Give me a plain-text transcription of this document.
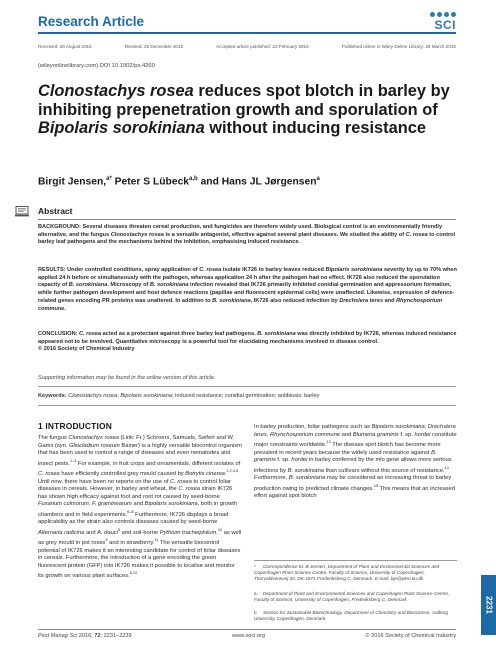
Research Article	SCI
Received: 28 August 2015	Revised: 25 December 2015	Accepted article published: 23 February 2016	Published online in Wiley Online Library: 29 March 2016
(wileyonlinelibrary.com) DOI 10.1002/ps.4260
Clonostachys rosea reduces spot blotch in barley by inhibiting prepenetration growth and sporulation of Bipolaris sorokiniana without inducing resistance
Birgit Jensen,$^{a*}$ Peter S Lübeck$^{a,b}$ and Hans JL Jørgensen$^a$
Abstract

BACKGROUND: Several diseases threaten cereal production, and fungicides are therefore widely used. Biological control is an environmentally friendly alternative, and the fungus Clonostachys rosea is a versatile antagonist, effective against several plant diseases. We studied the ability of C. rosea to control barley leaf pathogens and the mechanisms behind the inhibition, emphasising induced resistance.

RESULTS: Under controlled conditions, spray application of C. rosea isolate IK726 to barley leaves reduced Bipolaris sorokiniana severity by up to 70% when applied 24 h before or simultaneously with the pathogen, whereas application 24 h after the pathogen had no effect. IK726 also reduced the sporulation capacity of B. sorokiniana. Microscopy of B. sorokiniana infection revealed that IK726 primarily inhibited conidial germination and appressorium formation, while further pathogen development and host defence reactions (papillae and fluorescent epidermal cells) were unaffected. Likewise, expression of defence-related genes encoding PR proteins was unaltered. In addition to B. sorokiniana, IK726 also reduced infection by Drechslera teres and Rhynchosporium commune.

CONCLUSION: C. rosea acted as a protectant against three barley leaf pathogens. B. sorokiniana was directly inhibited by IK726, whereas induced resistance appeared not to be involved. Quantitative microscopy is a powerful tool for elucidating mechanisms involved in disease control.
© 2016 Society of Chemical Industry

Supporting information may be found in the online version of this article.
Keywords: Clonostachys rosea; Bipolaris sorokiniana; induced resistance; conidial germination; antibiosis; barley
1 INTRODUCTION

The fungus Clonostachys rosea (Link: Fr.) Schroers, Samuels, Seifert and W. Gams (syn. Gliocladium roseum Bainer) is a highly versatile biocontrol organism that has been used to control a range of diseases and even nematodes and insect pests.$^{1-3}$ For example, in fruit crops and ornamentals, different isolates of C. rosea have efficiently controlled grey mould caused by Botrytis cinerea.$^{1,2,4,5}$ Until now, there have been no reports on the use of C. rosea to control foliar diseases in cereals. However, in barley and wheat, the C. rosea strain IK726 has shown high efficacy against foot and root rot caused by seed-borne Fusarium culmorum, F. graminearum and Bipolaris sorokiniana, both in growth chambers and in field experiments.$^{6-8}$ Furthermore, IK726 displays a broad applicability as the strain also controls diseases caused by seed-borne Alternaria radicina and A. dauci$^9$ and soil-borne Pythium tracheiphilum,$^{10}$ as well as grey mould in pot roses$^5$ and in strawberry.$^{11}$ The versatile biocontrol potential of IK726 makes it an interesting candidate for control of foliar diseases in cereals. Furthermore, the introduction of a gene encoding the green fluorescent protein (GFP) into IK726 makes it possible to localise and monitor its growth on various plant surfaces.$^{9,12}$

In barley production, foliar pathogens such as Bipolaris sorokiniana, Drechslera teres, Rhynchosporium commune and Blumeria graminis f. sp. hordei constitute major constraints worldwide.$^{13}$ The disease spot blotch has become more prevalent in recent years because the widely used resistance against B. graminis f. sp. hordei in barley conferred by the mlo gene allows more serious infections by B. sorokiniana than cultivars without this source of resistance.$^{14}$ Furthermore, B. sorokiniana may be considered an increasing threat to barley production owing to predicted climate changes.$^{15}$ This means that an increased effort against spot blotch

* Correspondence to: B Jensen, Department of Plant and Environmental Sciences and Copenhagen Plant Science Centre, Faculty of Science, University of Copenhagen, Thorvaldsensvej 40, DK-1871 Frederiksberg C, Denmark. E-mail: bje@plen.ku.dk

a Department of Plant and Environmental Sciences and Copenhagen Plant Science Centre, Faculty of Science, University of Copenhagen, Frederiksberg C, Denmark

b Section for Sustainable Biotechnology, Department of Chemistry and Bioscience, Aalborg University, Copenhagen, Denmark

2231
Pest Manag Sci 2016; 72: 2231–2239	www.soci.org	© 2016 Society of Chemical Industry
